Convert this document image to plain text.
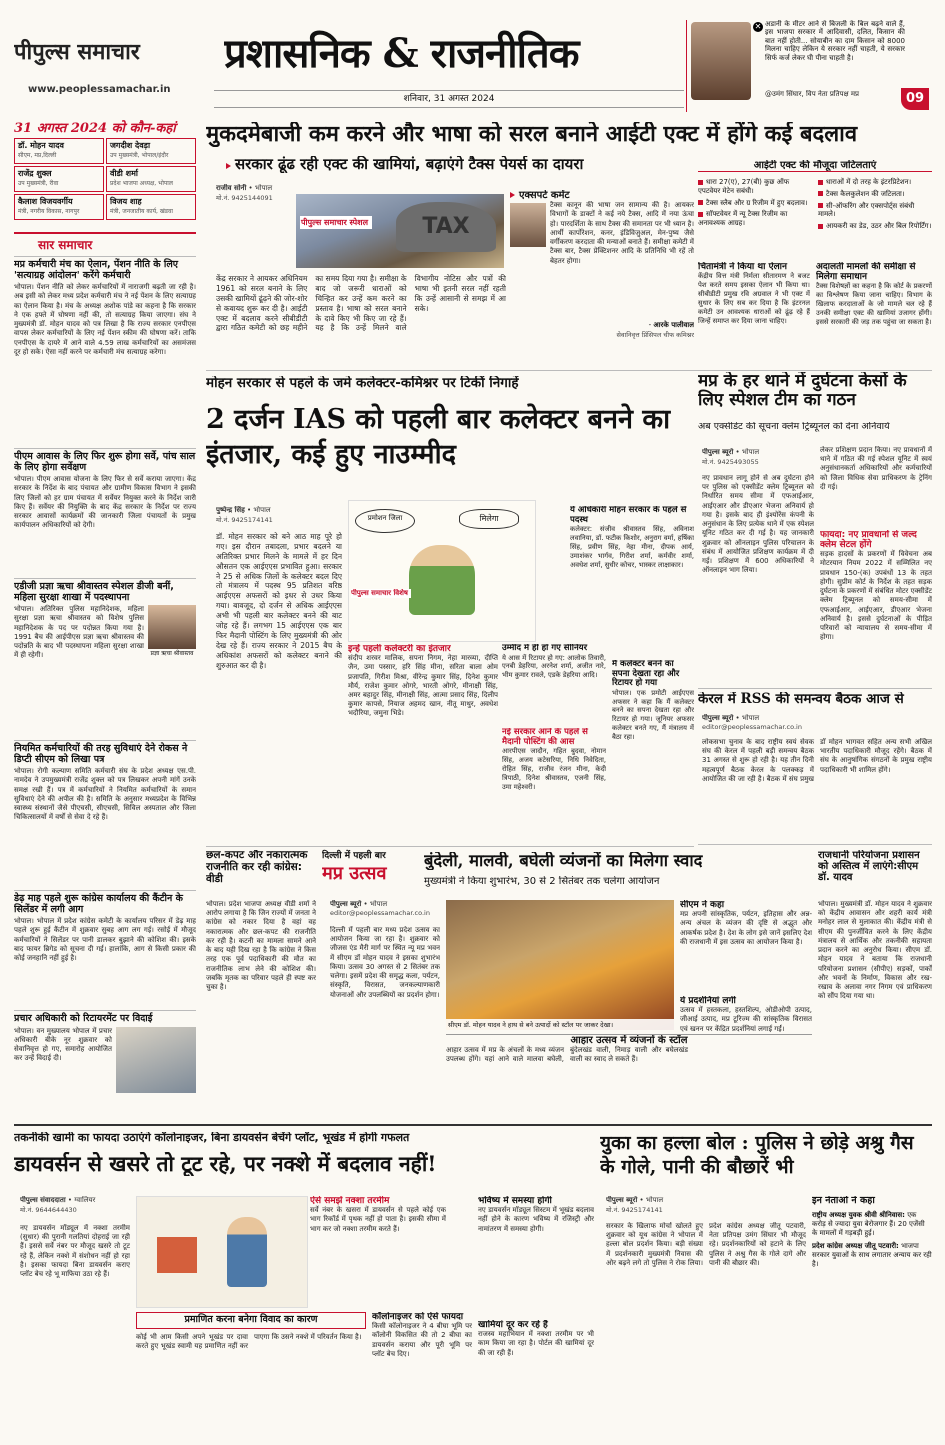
पीपुल्स समाचार
www.peoplessamachar.in
प्रशासनिक & राजनीतिक
शनिवार, 31 अगस्त 2024
✕ अडानी के मीटर आने से बिजली के बिल बढ़ने वाले हैं, इस भाजपा सरकार में आदिवासी, दलित, किसान की बात नहीं होती... सोयाबीन का दाम किसान को 8000 मिलना चाहिए लेकिन ये सरकार नहीं चाहती, ये सरकार सिर्फ कर्ज लेकर घी पीना चाहती है।
@उमंग सिंघार, विप नेता प्रतिपक्ष मप्र	09
31 अगस्त 2024 को कौन-कहां
डॉ. मोहन यादव
सीएम, मप्र,दिल्ली
जगदीश देवड़ा
उप मुख्यमंत्री, भोपाल/इंदौर
राजेंद्र शुक्ल
उप मुख्यमंत्री, रीवा
वीडी शर्मा
प्रदेश भाजपा अध्यक्ष, भोपाल
कैलाश विजयवर्गीय
मंत्री, नगरीय विकास, नागपुर
विजय शाह
मंत्री, जनजातीय कार्य, खंडवा
सार समाचार
मप्र कर्मचारी मंच का ऐलान, पेंशन नीति के लिए 'सत्याग्रह आंदोलन' करेंगे कर्मचारी
भोपाल। पेंशन नीति को लेकर कर्मचारियों में नाराजगी बढ़ती जा रही है। अब इसी को लेकर मध्य प्रदेश कर्मचारी मंच ने नई पेंशन के लिए सत्याग्रह का ऐलान किया है। मंच के अध्यक्ष अशोक पांडे का कहना है कि सरकार ने एक हफ्ते में घोषणा नहीं की, तो सत्याग्रह किया जाएगा। संघ ने मुख्यमंत्री डॉ. मोहन यादव को पत्र लिखा है कि राज्य सरकार एनपीएस वापस लेकर कर्मचारियों के लिए नई पेंशन स्कीम की घोषणा करें। ताकि एनपीएस के दायरे में आने वाले 4.59 लाख कर्मचारियों का असमंजस दूर हो सके। ऐसा नहीं करने पर कर्मचारी मंच सत्याग्रह करेगा।
पीएम आवास के लिए फिर शुरू होगा सर्वे, पांच साल के लिए होगा सर्वेक्षण
भोपाल। पीएम आवास योजना के लिए फिर से सर्वे कराया जाएगा। केंद्र सरकार के निर्देश के बाद पंचायत और ग्रामीण विकास विभाग ने इसकी लिए जिलों को हर ग्राम पंचायत में सर्वेयर नियुक्त करने के निर्देश जारी किए हैं। सर्वेयर की नियुक्ति के बाद केंद्र सरकार के निर्देश पर राज्य सरकार आवासों कार्यक्रमों की जानकारी जिला पंचायतों के प्रमुख कार्यपालन अधिकारियों को देगी।
एडीजी प्रज्ञा ऋचा श्रीवास्तव स्पेशल डीजी बनीं, महिला सुरक्षा शाखा में पदस्थापना
प्रज्ञा ऋचा श्रीवास्तव
भोपाल। अतिरिक्त पुलिस महानिदेशक, महिला सुरक्षा प्रज्ञा ऋचा श्रीवास्तव को विशेष पुलिस महानिदेशक के पद पर पदोन्नत किया गया है। 1991 बैच की आईपीएस प्रज्ञा ऋचा श्रीवास्तव की पदोन्नति के बाद भी पदस्थापना महिला सुरक्षा शाखा में ही रहेगी।
नियमित कर्मचारियों की तरह सुविधाएं देने रोकस ने डिप्टी सीएम को लिखा पत्र
भोपाल। रोगी कल्याण समिति कर्मचारी संघ के प्रदेश अध्यक्ष एस.पी. नामदेव ने उपमुख्यमंत्री राजेंद्र शुक्ल को पत्र लिखकर अपनी मांगें उनके समक्ष रखी हैं। पत्र में कर्मचारियों ने नियमित कर्मचारियों के समान सुविधाएं देने की अपील की है। समिति के अनुसार मध्यप्रदेश के विभिन्न स्वास्थ्य संस्थानों जैसे पीएचसी, सीएचसी, सिविल अस्पताल और जिला चिकित्सालयों में वर्षों से सेवा दे रहे हैं।
डेढ़ माह पहले शुरू कांग्रेस कार्यालय की कैंटीन के सिलेंडर में लगी आग
भोपाल। भोपाल में प्रदेश कांग्रेस कमेटी के कार्यालय परिसर में डेढ़ माह पहले शुरू हुई कैंटीन में शुक्रवार सुबह आग लग गई। रसोई में मौजूद कर्मचारियों ने सिलेंडर पर पानी डालकर बुझाने की कोशिश की। इसके बाद फायर ब्रिगेड को सूचना दी गई। हालांकि, आग से किसी प्रकार की कोई जनहानि नहीं हुई है।
प्रचार अधिकारी को रिटायरमेंट पर विदाई
भोपाल। वन मुख्यालय भोपाल में प्रचार अधिकारी बीके नूर शुक्रवार को सेवानिवृत्त हो गए, समारोह आयोजित कर उन्हें विदाई दी।
मुकदमेबाजी कम करने और भाषा को सरल बनाने आईटी एक्ट में होंगे कई बदलाव
सरकार ढूंढ रही एक्ट की खामियां, बढ़ाएंगे टैक्स पेयर्स का दायरा
राजीव सोनी • भोपाल
मो.नं. 9425144091
पीपुल्स समाचार स्पेशल	TAX
केंद्र सरकार ने आयकर अधिनियम 1961 को सरल बनाने के लिए उसकी खामियों ढूंढ़ने की जोर-शोर से कवायद शुरू कर दी है। आईटी एक्ट में बदलाव करने सीबीडीटी द्वारा गठित कमेटी को छह महीने का समय दिया गया है। समीक्षा के बाद जो जरूरी धाराओं को चिन्हित कर उन्हें कम करने का प्रस्ताव है। भाषा को सरल बनाने के दावे किए भी किए जा रहे हैं। यह है कि उन्हें मिलने वाले विभागीय नोटिस और पत्रों की भाषा भी इतनी सरल नहीं रहती कि उन्हें आसानी से समझ में आ सके।
एक्सपर्ट कमेंट
टैक्स कानून की भाषा जन सामान्य की है। आयकर विभागों के डाक्टों ने कई नये टैक्स, आदि में नया ऊंचा हो। पारदर्शिता के साथ टैक्स की समानता पर भी ध्यान है। आर्थी कार्पोरेशन, कनर, इंडिविजुअल, मेन-पुष्य जैसे वर्गीकरण करदाता की मन्याओं बनाते हैं। समीक्षा कमेटी में टैक्स बार, टैक्स प्रेक्टिशनर आदि के प्रतिनिधि भी रहें तो बेहतर होगा।
- आरके पालीवाल
सेवानिवृत्त प्रिंसिपल चीफ कमिश्नर
आईटी एक्ट की मौजूदा जटिलताएं
धारा 27(ए), 27(बी) कुछ ऑफ एपटवेयर मेटेन सबंधी।
टैक्स स्लैब और ग्र रिजीम में हुए बदलाव।
सॉफ्टवेयर में न्यू टैक्स रिजीम का अनावश्यक आग्रह।
धाराओं में दो तरह के इंटरप्रिटेशन।
टैक्स कैलकुलेशन की जटिलता।
सी-ऑफरिंग और एक्सपोर्ट्स संबंधी मामले।
आयकरी का डेड, उठर और बिल रिपोर्टिंग।
चिंतामंत्री ने किया था ऐलान
केंद्रीय वित्त मंत्री निर्मला सीतारमण ने बजट पेश करते समय इसका ऐलान भी किया था। सीबीडीटी प्रमुख रवि अग्रवाल ने भी एक्ट में सुधार के लिए सब कर दिया है कि इंटरनल कमेटी उन आवश्यक धाराओं को ढूंढ़ रहे हैं जिन्हें समाप्त कर दिया जाना चाहिए।
अदालती मामलों की समीक्षा से मिलेगा समाधान
टैक्स विशेषज्ञों का कहना है कि कोर्ट के प्रकरणों का विश्लेषण किया जाना चाहिए। विभाग के खिलाफ करदाताओं के जो मामले चल रहे हैं उनकी समीक्षा एक्ट की खामियां उजागर होंगी। इससे सरकारी की जड़ तक पहुंचा जा सकता है।
मोहन सरकार से पहले के जमे कलेक्टर-कमिश्नर पर टिकीं निगाहें
2 दर्जन IAS को पहली बार कलेक्टर बनने का इंतजार, कई हुए नाउम्मीद
पुष्पेन्द्र सिंह • भोपाल
मो.नं. 9425174141
डॉ. मोहन सरकार को बने आठ माह पूरे हो गए। इस दौरान तबादला, प्रभार बदलने या अतिरिक्त प्रभार मिलने के मामले में हर दिन औसतन एक आईएएस प्रभावित हुआ। सरकार ने 25 से अधिक जिलों के कलेक्टर बदल दिए तो मंत्रालय में पदस्थ 95 प्रतिशत वरिष्ठ आईएएस अफसरों को इधर से उधर किया गया। बावजूद, दो दर्जन से अधिक आईएएस अभी भी पहली बार कलेक्टर बनने की बाट जोह रहे हैं। लगभग 15 आईएएस एक बार फिर मैदानी पोस्टिंग के लिए मुख्यमंत्री की ओर देख रहे हैं। राज्य सरकार ने 2015 बैच के अधिकांश अफसरों को कलेक्टर बनाने की शुरुआत कर दी है।
प्रमोशन जिला	मिलेगा
पीपुल्स समाचार विशेष
इन्हें पहली कलेक्टरी का इंतजार
संदीप शरवर मालिक, सपना निगम, नेहा मारव्या, दीप्ति जैन, उमा पस्सार, हरि सिंह मीना, सरिता बाला ओम प्रजापति, गिरीश मिश्रा, वीरेन्द्र कुमार सिंह, दिनेश कुमार मौर्य, राजेश कुमार ओगरे, भारती ओगरे, मीनाक्षी सिंह, अमर बहादुर सिंह, मीनाक्षी सिंह, आत्मा प्रसाद सिंह, दिलीप कुमार कापसे, नियाज अहमद खान, नीतू माथुर, अवधेश भदौरिया, जमुना भिडे।
उम्मीद में ही हो गए सीनियर
ये आस में रिटायर हो गए: आलोक तिवारी, एनबी डेहरिया, अरनेश शर्मा, अजीत नारे, भीम कुमार रावले, एडके डेहरिया आदि।
नई सरकार आने के पहले से मैदानी पोस्टिंग की आस
आरपीएस जादौन, गहित बुदवा, नोमान सिंह, अजय कटेसरिया, निधि निवेदिता, रोहित सिंह, राजीव रंजन मीना, केदी त्रिपाठी, दिनेश श्रीवास्तव, एजनी सिंह, उमा महेश्वरी।
ये अधिकारी मोहन सरकार के पहले से पदस्थ
कलेक्टर: संजीव श्रीवास्तव सिंह, अविनाश लवानिया, डॉ. फटीक किशोर, अनुराग वर्मा, हर्षिका सिंह, प्रवीण सिंह, नेहा मीना, दीपक आर्य, उमाशंकर भार्गव, गिरीश शर्मा, कर्मवीर शर्मा, अवधेश शर्मा, सुधीर कोचर, भास्कर लाक्षाकार।
मैं कलेक्टर बनने का सपना देखता रहा और रिटायर हो गया
भोपाल। एक प्रमोटी आईएएस अफसर ने कहा कि मैं कलेक्टर बनने का सपना देखता रहा और रिटायर हो गया। जूनियर अफसर कलेक्टर बनते गए, मैं मंत्रालय में बैठा रहा।
मप्र के हर थाने में दुर्घटना केसों के लिए स्पेशल टीम का गठन
अब एक्सीडेंट की सूचना क्लेम ट्रिब्यूनल को देना अनिवार्य
पीपुल्स ब्यूरो • भोपाल
मो.नं. 9425493055
नए प्रावधान लागू होने से अब दुर्घटना होने पर पुलिस को एक्सीडेंट क्लेम ट्रिब्यूनल को निर्धारित समय सीमा में एफआईआर, आईएआर और डीएआर भेजना अनिवार्य हो गया है। इसके बाद ही इंश्योरेंस कंपनी के अनुसंधान के लिए प्रत्येक थाने में एक स्पेशल यूनिट गठित कर दी गई है। यह जानकारी शुक्रवार को ऑनलाइन पुलिस परिचालन के संबंध में आयोजित प्रशिक्षण कार्यक्रम में दी गई। प्रशिक्षण में 600 अधिकारियों ने ऑनलाइन भाग लिया।
लेकर प्रशिक्षण प्रदान किया। नए प्रावधानों में थाने में गठित की गई स्पेशल यूनिट में स्वयं अनुसंधानकर्ता अधिकारियों और कर्मचारियों को जिला विधिक सेवा प्राधिकरण के ट्रेनिंग दी गई।
फायदा: नए प्रावधानों से जल्द क्लेम सेटल होंगे
सड़क हादसों के प्रकरणों में विवेचना अब मोटरयान नियम 2022 में सम्मिलित नए प्रावधान 150-(क) उपबंधों 13 के तहत होगी। सुप्रीम कोर्ट के निर्देश के तहत सड़क दुर्घटना के प्रकरणों में संबंधित मोटर एक्सीडेंट क्लेम ट्रिब्यूनल को समय-सीमा में एफआईआर, आईएआर, डीएआर भेजना अनिवार्य है। इससे दुर्घटनाओं के पीड़ित परिवारों को न्यायालय से समय-सीमा में होगा।
केरल में RSS की समन्वय बैठक आज से
पीपुल्स ब्यूरो • भोपाल
editor@peoplessamachar.co.in
लोकसभा चुनाव के बाद राष्ट्रीय स्वयं सेवक संघ की केरल में पहली बड़ी समन्वय बैठक 31 अगस्त से शुरू हो रही है। यह तीन दिनी महत्वपूर्ण बैठक केरल के पलक्कड़ में आयोजित की जा रही है। बैठक में संघ प्रमुख डॉ मोहन भागवत सहित अन्य सभी अखिल भारतीय पदाधिकारी मौजूद रहेंगे। बैठक में संघ के आनुषांगिक संगठनों के प्रमुख राष्ट्रीय पदाधिकारी भी शामिल होंगे।
राजधानी परियोजना प्रशासन को अस्तित्व में लाएंगे:सीएम डॉ. यादव
भोपाल। मुख्यमंत्री डॉ. मोहन यादव ने शुक्रवार को केंद्रीय आवासन और शहरी कार्य मंत्री मनोहर लाल से मुलाकात की। केंद्रीय मंत्री से सीएम की पुनर्जीवित करने के लिए केंद्रीय मंत्रालय से आर्थिक और तकनीकी सहायता प्रदान करने का अनुरोध किया। सीएम डॉ. मोहन यादव ने बताया कि राजधानी परियोजना प्रशासन (सीपीए) सड़कों, पार्कों और भवनों के निर्माण, विकास और रख-रखाव के अलावा नगर निगम एवं प्राधिकरण को सौंप दिया गया था।
छल-कपट और नकारात्मक राजनीति कर रही कांग्रेस: वीडी
भोपाल। प्रदेश भाजपा अध्यक्ष वीडी शर्मा ने आरोप लगाया है कि जिन राज्यों में जनता ने कांग्रेस को नकार दिया है वहां वह नकारात्मक और छल-कपट की राजनीति कर रही है। कटनी का मामला सामने आने के बाद यही दिख रहा है कि कांग्रेस ने किस तरह एक पूर्व पदाधिकारी की मौत का राजनीतिक लाभ लेने की कोशिश की। जबकि मृतक का परिवार पहले ही स्पष्ट कर चुका है।
दिल्ली में पहली बार
मप्र उत्सव
बुंदेली, मालवी, बघेली व्यंजनों का मिलेगा स्वाद
मुख्यमंत्री ने किया शुभारंभ, 30 से 2 सितंबर तक चलेगा आयोजन
पीपुल्स ब्यूरो • भोपाल
editor@peoplessamachar.co.in
दिल्ली में पहली बार मध्य प्रदेश उत्सव का आयोजन किया जा रहा है। शुक्रवार को जीजस एंड मैरी मार्ग पर स्थित न्यू मप्र भवन में सीएम डॉ मोहन यादव ने इसका शुभारंभ किया। उत्सव 30 अगस्त से 2 सितंबर तक चलेगा। इसमें प्रदेश की समृद्ध कला, पर्यटन, संस्कृति, विरासत, जनकल्याणकारी योजनाओं और उपलब्धियों का प्रदर्शन होगा।
सीएम डॉ. मोहन यादव ने हाथ से बने उत्पादों को स्टॉल पर जाकर देखा।
सीएम ने कहा
मप्र अपनी सांस्कृतिक, पर्यटन, इतिहास और अन्न-अन्य अंचल के व्यंजन की दृष्टि से अद्भुत और आकर्षक प्रदेश है। देश के लोग इसे जानें इसलिए देश की राजधानी में इस उत्सव का आयोजन किया है।
ये प्रदर्शनियां लगीं
उत्सव में हस्तकला, हस्तशिल्प, ओडीओपी उत्पाद, जीआई उत्पाद, मप्र टूरिज्म की सांस्कृतिक विरासत एवं खनन पर केंद्रित प्रदर्शनियां लगाई गईं।
आहार उत्सव में व्यंजनों के स्टॉल
आहार उत्सव में मप्र के अंचलों के मध्य व्यंजन उपलब्ध होंगे। यहां आने वाले मालवा बघेली, बुंदेलखंड वाली, निमाड़ वाली और बघेलखंड वाली का स्वाद ले सकते हैं।
तकनीकी खामी का फायदा उठाएंगे कॉलोनाइजर, बिना डायवर्सन बेचेंगे प्लॉट, भूखंड में होगी गफलत
डायवर्सन से खसरे तो टूट रहे, पर नक्शे में बदलाव नहीं!
पीपुल्स संवाददाता • ग्वालियर
मो.नं. 9644644430
नए डायवर्सन मॉड्यूल में नक्शा तरमीम (सुधार) की पुरानी गलतियां दोहराई जा रही हैं। इससे सर्वे नंबर पर मौजूद खसरे तो टूट रहे हैं, लेकिन नक्शे में संशोधन नहीं हो रहा है। इसका फायदा बिना डायवर्सन कराए प्लॉट बेच रहे भू माफिया उठा रहे हैं।
प्रमाणित करना बनेगा विवाद का कारण
कोई भी आम किसी अपने भूखंड पर दावा करते हुए भूखंड स्वामी यह प्रमाणित नहीं कर पाएगा कि उसने नक्शे में परिवर्तन किया है।
ऐसे समझें नक्शा तरमीम
सर्वे नंबर के खसरा में डायवर्सन से पहले कोई एक भाग रिकॉर्ड में पृथक नहीं हो पाता है। इसकी सीमा में भाग कर जो नक्शा तरमीम करते हैं।
कॉलोनाइजर को ऐसे फायदा
किसी कॉलोनाइजर ने 4 बीघा भूमि पर कॉलोनी विकसित की तो 2 बीघा का डायवर्सन कराया और पूरी भूमि पर प्लॉट बेच दिए।
भविष्य में समस्या होगी
नए डायवर्सन मॉड्यूल सिस्टम में भूखंड बदलाव नहीं होने के कारण भविष्य में रजिस्ट्री और नामांतरण में समस्या होगी।
खामियां दूर कर रहे हैं
राजस्व महाभियान में नक्शा तरमीम पर भी काम किया जा रहा है। पोर्टल की खामियां दूर की जा रही हैं।
युका का हल्ला बोल : पुलिस ने छोड़े अश्रु गैस के गोले, पानी की बौछारें भी
पीपुल्स ब्यूरो • भोपाल
मो.नं. 9425174141
सरकार के खिलाफ मोर्चा खोलते हुए शुक्रवार को यूथ कांग्रेस ने भोपाल में हल्ला बोल प्रदर्शन किया। बड़ी संख्या में प्रदर्शनकारी मुख्यमंत्री निवास की ओर बढ़ने लगे तो पुलिस ने रोक लिया। प्रदेश कांग्रेस अध्यक्ष जीतू पटवारी, नेता प्रतिपक्ष उमंग सिंघार भी मौजूद रहे। प्रदर्शनकारियों को हटाने के लिए पुलिस ने अश्रु गैस के गोले दागे और पानी की बौछार की।
इन नेताओं ने कहा
राष्ट्रीय अध्यक्ष युवक श्रीवी श्रीनिवास: एक करोड़ से ज्यादा युवा बेरोजगार हैं। 20 एजेंसी के मामलों में गड़बड़ी हुई।
प्रदेश कांग्रेस अध्यक्ष जीतू पटवारी: भाजपा सरकार युवाओं के साथ लगातार अन्याय कर रही है।
